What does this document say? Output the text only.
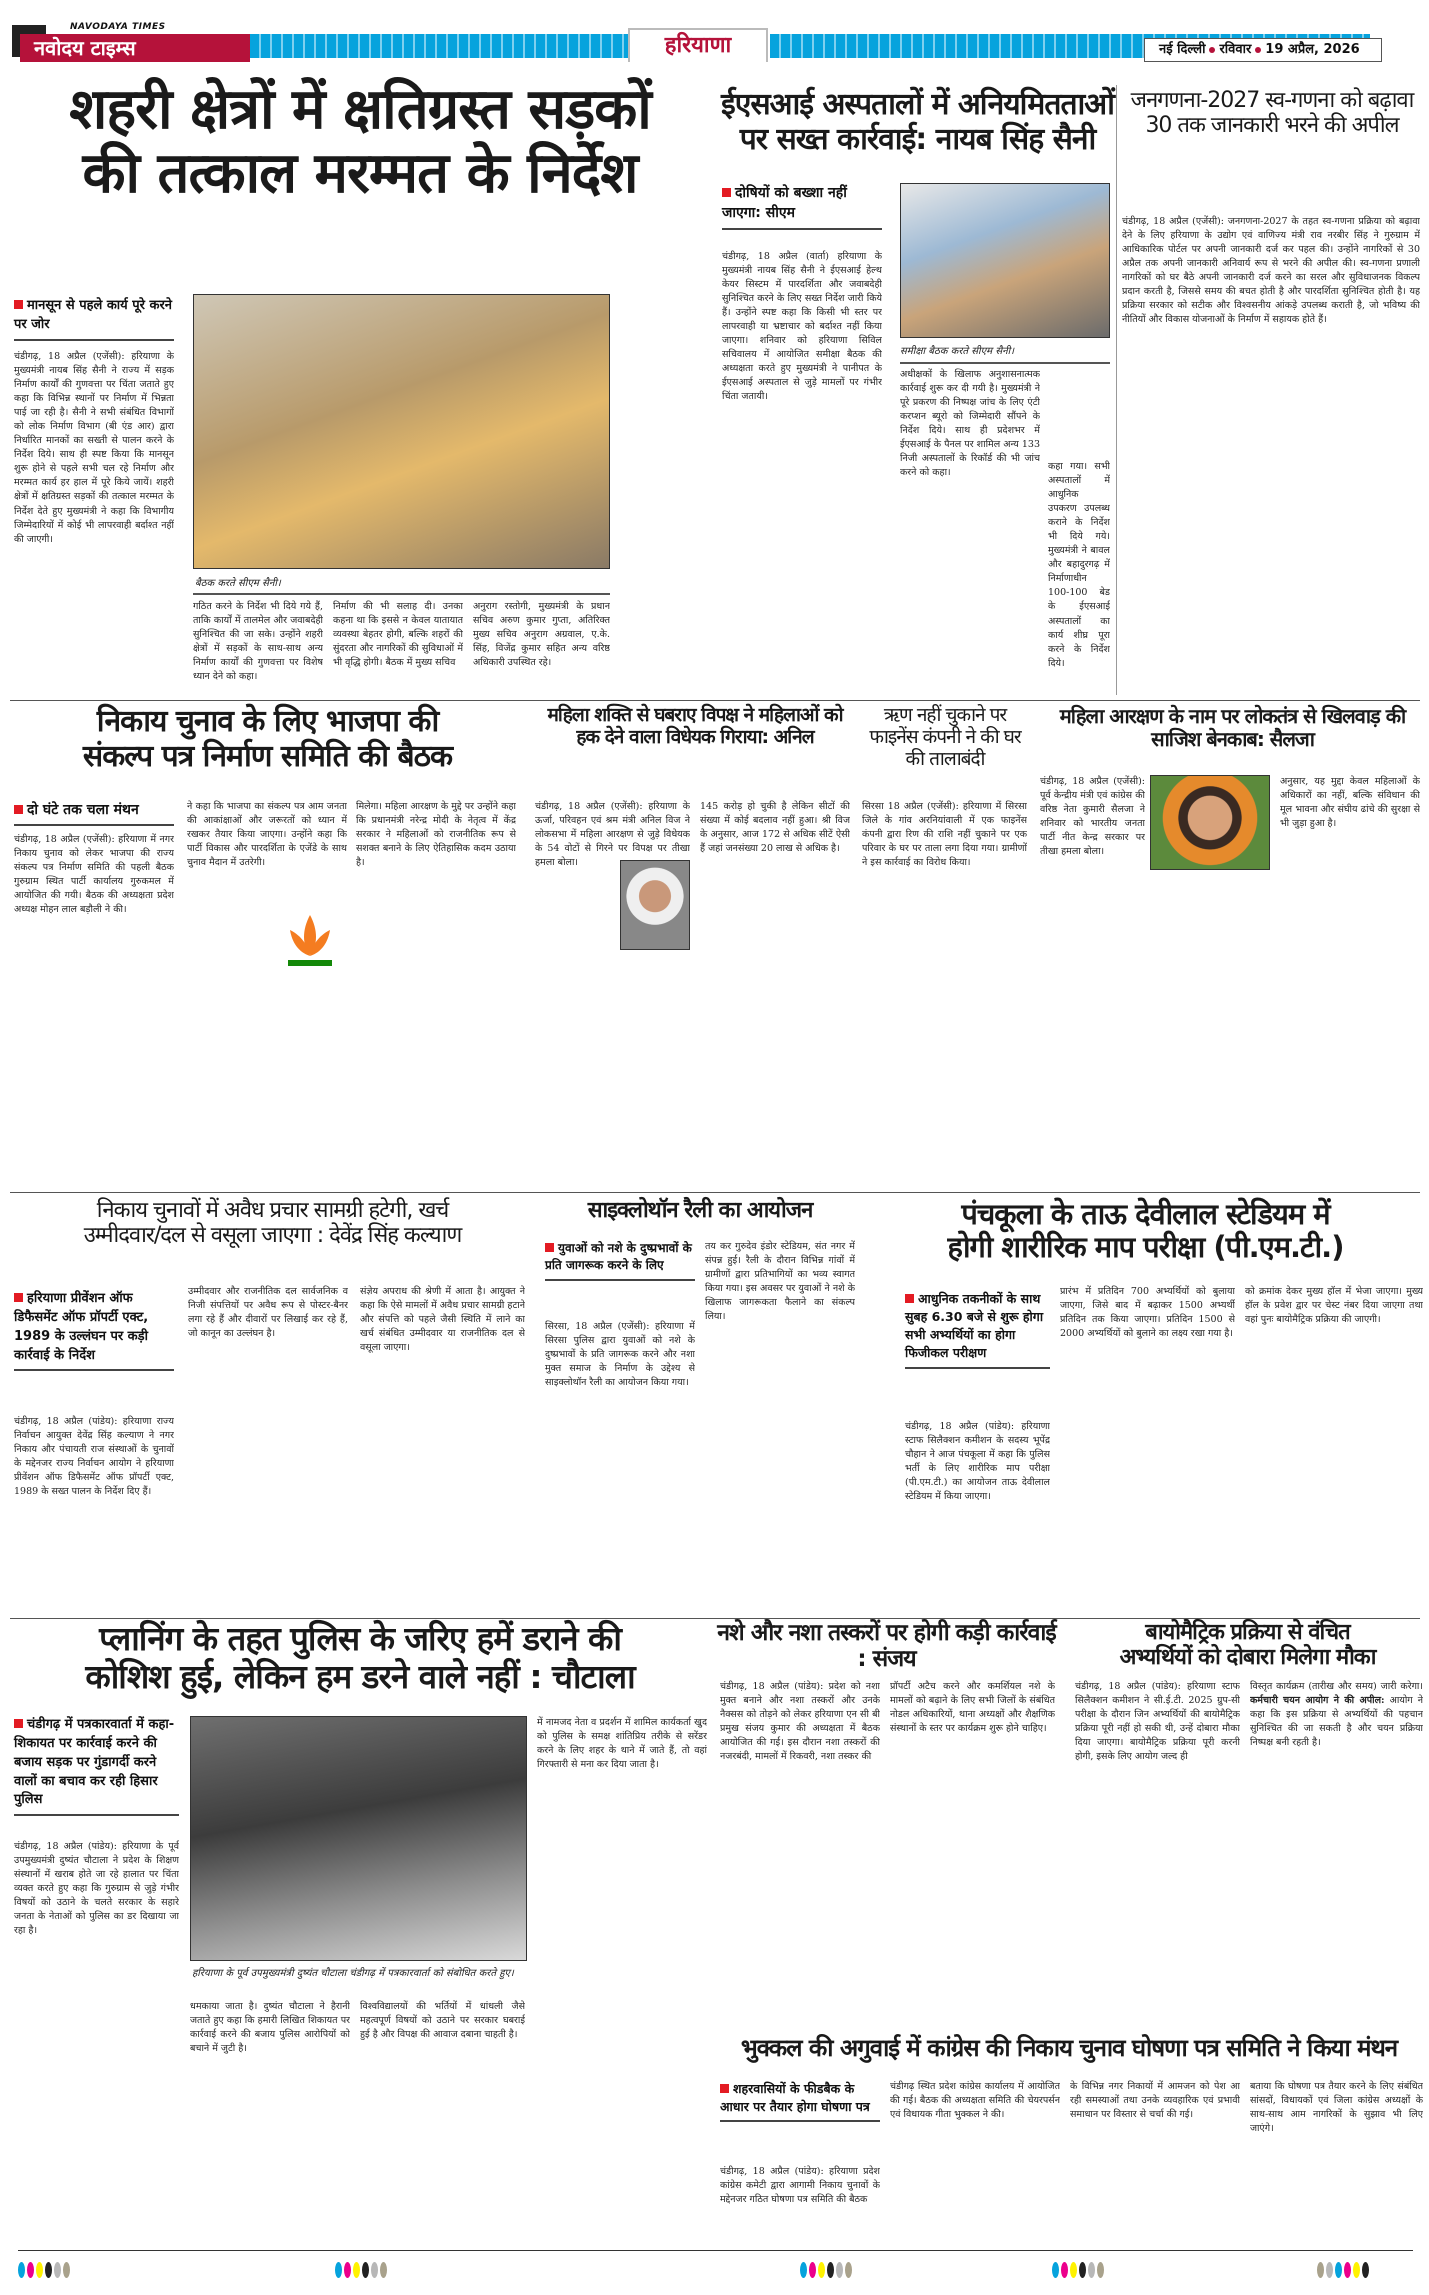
NAVODAYA TIMES
नवोदय टाइम्स	हरियाणा	नई दिल्ली रविवार 19 अप्रैल, 2026
शहरी क्षेत्रों में क्षतिग्रस्त सड़कों
की तत्काल मरम्मत के निर्देश
मानसून से पहले कार्य पूरे करने पर जोर
चंडीगढ़, 18 अप्रैल (एजेंसी): हरियाणा के मुख्यमंत्री नायब सिंह सैनी ने राज्य में सड़क निर्माण कार्यों की गुणवत्ता पर चिंता जताते हुए कहा कि विभिन्न स्थानों पर निर्माण में भिन्नता पाई जा रही है। सैनी ने सभी संबंधित विभागों को लोक निर्माण विभाग (बी एंड आर) द्वारा निर्धारित मानकों का सख्ती से पालन करने के निर्देश दिये। साथ ही स्पष्ट किया कि मानसून शुरू होने से पहले सभी चल रहे निर्माण और मरम्मत कार्य हर हाल में पूरे किये जायें। शहरी क्षेत्रों में क्षतिग्रस्त सड़कों की तत्काल मरम्मत के निर्देश देते हुए मुख्यमंत्री ने कहा कि विभागीय जिम्मेदारियों में कोई भी लापरवाही बर्दाश्त नहीं की जाएगी।
बैठक करते सीएम सैनी।
गठित करने के निर्देश भी दिये गये हैं, ताकि कार्यों में तालमेल और जवाबदेही सुनिश्चित की जा सके। उन्होंने शहरी क्षेत्रों में सड़कों के साथ-साथ अन्य निर्माण कार्यों की गुणवत्ता पर विशेष ध्यान देने को कहा।
निर्माण की भी सलाह दी। उनका कहना था कि इससे न केवल यातायात व्यवस्था बेहतर होगी, बल्कि शहरों की सुंदरता और नागरिकों की सुविधाओं में भी वृद्धि होगी। बैठक में मुख्य सचिव
अनुराग रस्तोगी, मुख्यमंत्री के प्रधान सचिव अरुण कुमार गुप्ता, अतिरिक्त मुख्य सचिव अनुराग अग्रवाल, ए.के. सिंह, विजेंद्र कुमार सहित अन्य वरिष्ठ अधिकारी उपस्थित रहे।
ईएसआई अस्पतालों में अनियमितताओं
पर सख्त कार्रवाई: नायब सिंह सैनी
दोषियों को बख्शा नहीं जाएगा: सीएम
चंडीगढ़, 18 अप्रैल (वार्ता) हरियाणा के मुख्यमंत्री नायब सिंह सैनी ने ईएसआई हेल्थ केयर सिस्टम में पारदर्शिता और जवाबदेही सुनिश्चित करने के लिए सख्त निर्देश जारी किये हैं। उन्होंने स्पष्ट कहा कि किसी भी स्तर पर लापरवाही या भ्रष्टाचार को बर्दाश्त नहीं किया जाएगा। शनिवार को हरियाणा सिविल सचिवालय में आयोजित समीक्षा बैठक की अध्यक्षता करते हुए मुख्यमंत्री ने पानीपत के ईएसआई अस्पताल से जुड़े मामलों पर गंभीर चिंता जतायी।
समीक्षा बैठक करते सीएम सैनी।
अधीक्षकों के खिलाफ अनुशासनात्मक कार्रवाई शुरू कर दी गयी है। मुख्यमंत्री ने पूरे प्रकरण की निष्पक्ष जांच के लिए एंटी करप्शन ब्यूरो को जिम्मेदारी सौंपने के निर्देश दिये। साथ ही प्रदेशभर में ईएसआई के पैनल पर शामिल अन्य 133 निजी अस्पतालों के रिकॉर्ड की भी जांच करने को कहा।
कहा गया। सभी अस्पतालों में आधुनिक उपकरण उपलब्ध कराने के निर्देश भी दिये गये। मुख्यमंत्री ने बावल और बहादुरगढ़ में निर्माणाधीन 100-100 बेड के ईएसआई अस्पतालों का कार्य शीघ्र पूरा करने के निर्देश दिये।
जनगणना-2027 स्व-गणना को बढ़ावा 30 तक जानकारी भरने की अपील
चंडीगढ़, 18 अप्रैल (एजेंसी): जनगणना-2027 के तहत स्व-गणना प्रक्रिया को बढ़ावा देने के लिए हरियाणा के उद्योग एवं वाणिज्य मंत्री राव नरबीर सिंह ने गुरुग्राम में आधिकारिक पोर्टल पर अपनी जानकारी दर्ज कर पहल की। उन्होंने नागरिकों से 30 अप्रैल तक अपनी जानकारी अनिवार्य रूप से भरने की अपील की। स्व-गणना प्रणाली नागरिकों को घर बैठे अपनी जानकारी दर्ज करने का सरल और सुविधाजनक विकल्प प्रदान करती है, जिससे समय की बचत होती है और पारदर्शिता सुनिश्चित होती है। यह प्रक्रिया सरकार को सटीक और विश्वसनीय आंकड़े उपलब्ध कराती है, जो भविष्य की नीतियों और विकास योजनाओं के निर्माण में सहायक होते हैं।
निकाय चुनाव के लिए भाजपा की
संकल्प पत्र निर्माण समिति की बैठक
दो घंटे तक चला मंथन
चंडीगढ़, 18 अप्रैल (एजेंसी): हरियाणा में नगर निकाय चुनाव को लेकर भाजपा की राज्य संकल्प पत्र निर्माण समिति की पहली बैठक गुरुग्राम स्थित पार्टी कार्यालय गुरुकमल में आयोजित की गयी। बैठक की अध्यक्षता प्रदेश अध्यक्ष मोहन लाल बड़ौली ने की।
ने कहा कि भाजपा का संकल्प पत्र आम जनता की आकांक्षाओं और जरूरतों को ध्यान में रखकर तैयार किया जाएगा। उन्होंने कहा कि पार्टी विकास और पारदर्शिता के एजेंडे के साथ चुनाव मैदान में उतरेगी।
मिलेगा। महिला आरक्षण के मुद्दे पर उन्होंने कहा कि प्रधानमंत्री नरेन्द्र मोदी के नेतृत्व में केंद्र सरकार ने महिलाओं को राजनीतिक रूप से सशक्त बनाने के लिए ऐतिहासिक कदम उठाया है।
महिला शक्ति से घबराए विपक्ष ने महिलाओं को हक देने वाला विधेयक गिराया: अनिल
चंडीगढ़, 18 अप्रैल (एजेंसी): हरियाणा के ऊर्जा, परिवहन एवं श्रम मंत्री अनिल विज ने लोकसभा में महिला आरक्षण से जुड़े विधेयक के 54 वोटों से गिरने पर विपक्ष पर तीखा हमला बोला।
145 करोड़ हो चुकी है लेकिन सीटों की संख्या में कोई बदलाव नहीं हुआ। श्री विज के अनुसार, आज 172 से अधिक सीटें ऐसी हैं जहां जनसंख्या 20 लाख से अधिक है।
ऋण नहीं चुकाने पर फाइनेंस कंपनी ने की घर की तालाबंदी
सिरसा 18 अप्रैल (एजेंसी): हरियाणा में सिरसा जिले के गांव अरनियांवाली में एक फाइनेंस कंपनी द्वारा रिण की राशि नहीं चुकाने पर एक परिवार के घर पर ताला लगा दिया गया। ग्रामीणों ने इस कार्रवाई का विरोध किया।
महिला आरक्षण के नाम पर लोकतंत्र से खिलवाड़ की साजिश बेनकाब: सैलजा
चंडीगढ़, 18 अप्रैल (एजेंसी): पूर्व केन्द्रीय मंत्री एवं कांग्रेस की वरिष्ठ नेता कुमारी सैलजा ने शनिवार को भारतीय जनता पार्टी नीत केन्द्र सरकार पर तीखा हमला बोला।
अनुसार, यह मुद्दा केवल महिलाओं के अधिकारों का नहीं, बल्कि संविधान की मूल भावना और संघीय ढांचे की सुरक्षा से भी जुड़ा हुआ है।
निकाय चुनावों में अवैध प्रचार सामग्री हटेगी, खर्च
उम्मीदवार/दल से वसूला जाएगा : देवेंद्र सिंह कल्याण
हरियाणा प्रीवेंशन ऑफ डिफैसमेंट ऑफ प्रॉपर्टी एक्ट, 1989 के उल्लंघन पर कड़ी कार्रवाई के निर्देश
चंडीगढ़, 18 अप्रैल (पांडेय): हरियाणा राज्य निर्वाचन आयुक्त देवेंद्र सिंह कल्याण ने नगर निकाय और पंचायती राज संस्थाओं के चुनावों के मद्देनजर राज्य निर्वाचन आयोग ने हरियाणा प्रीवेंशन ऑफ डिफैसमेंट ऑफ प्रॉपर्टी एक्ट, 1989 के सख्त पालन के निर्देश दिए हैं।
उम्मीदवार और राजनीतिक दल सार्वजनिक व निजी संपत्तियों पर अवैध रूप से पोस्टर-बैनर लगा रहे हैं और दीवारों पर लिखाई कर रहे हैं, जो कानून का उल्लंघन है।
संज्ञेय अपराध की श्रेणी में आता है। आयुक्त ने कहा कि ऐसे मामलों में अवैध प्रचार सामग्री हटाने और संपत्ति को पहले जैसी स्थिति में लाने का खर्च संबंधित उम्मीदवार या राजनीतिक दल से वसूला जाएगा।
साइक्लोथॉन रैली का आयोजन
युवाओं को नशे के दुष्प्रभावों के प्रति जागरूक करने के लिए
सिरसा, 18 अप्रैल (एजेंसी): हरियाणा में सिरसा पुलिस द्वारा युवाओं को नशे के दुष्प्रभावों के प्रति जागरूक करने और नशा मुक्त समाज के निर्माण के उद्देश्य से साइक्लोथॉन रैली का आयोजन किया गया।
तय कर गुरुदेव इंडोर स्टेडियम, संत नगर में संपन्न हुई। रैली के दौरान विभिन्न गांवों में ग्रामीणों द्वारा प्रतिभागियों का भव्य स्वागत किया गया। इस अवसर पर युवाओं ने नशे के खिलाफ जागरूकता फैलाने का संकल्प लिया।
पंचकूला के ताऊ देवीलाल स्टेडियम में
होगी शारीरिक माप परीक्षा (पी.एम.टी.)
आधुनिक तकनीकों के साथ सुबह 6.30 बजे से शुरू होगा सभी अभ्यर्थियों का होगा फिजीकल परीक्षण
चंडीगढ़, 18 अप्रैल (पांडेय): हरियाणा स्टाफ सिलैक्शन कमीशन के सदस्य भूपेंद्र चौहान ने आज पंचकूला में कहा कि पुलिस भर्ती के लिए शारीरिक माप परीक्षा (पी.एम.टी.) का आयोजन ताऊ देवीलाल स्टेडियम में किया जाएगा।
प्रारंभ में प्रतिदिन 700 अभ्यर्थियों को बुलाया जाएगा, जिसे बाद में बढ़ाकर 1500 अभ्यर्थी प्रतिदिन तक किया जाएगा। प्रतिदिन 1500 से 2000 अभ्यर्थियों को बुलाने का लक्ष्य रखा गया है।
को क्रमांक देकर मुख्य हॉल में भेजा जाएगा। मुख्य हॉल के प्रवेश द्वार पर चेस्ट नंबर दिया जाएगा तथा वहां पुनः बायोमैट्रिक प्रक्रिया की जाएगी।
प्लानिंग के तहत पुलिस के जरिए हमें डराने की
कोशिश हुई, लेकिन हम डरने वाले नहीं : चौटाला
चंडीगढ़ में पत्रकारवार्ता में कहा- शिकायत पर कार्रवाई करने की बजाय सड़क पर गुंडागर्दी करने वालों का बचाव कर रही हिसार पुलिस
चंडीगढ़, 18 अप्रैल (पांडेय): हरियाणा के पूर्व उपमुख्यमंत्री दुष्यंत चौटाला ने प्रदेश के शिक्षण संस्थानों में खराब होते जा रहे हालात पर चिंता व्यक्त करते हुए कहा कि गुरुग्राम से जुड़े गंभीर विषयों को उठाने के चलते सरकार के सहारे जनता के नेताओं को पुलिस का डर दिखाया जा रहा है।
हरियाणा के पूर्व उपमुख्यमंत्री दुष्यंत चौटाला चंडीगढ़ में पत्रकारवार्ता को संबोधित करते हुए।
में नामजद नेता व प्रदर्शन में शामिल कार्यकर्ता खुद को पुलिस के समक्ष शांतिप्रिय तरीके से सरेंडर करने के लिए शहर के थाने में जाते हैं, तो वहां गिरफ्तारी से मना कर दिया जाता है।
धमकाया जाता है। दुष्यंत चौटाला ने हैरानी जताते हुए कहा कि हमारी लिखित शिकायत पर कार्रवाई करने की बजाय पुलिस आरोपियों को बचाने में जुटी है।
विश्वविद्यालयों की भर्तियों में धांधली जैसे महत्वपूर्ण विषयों को उठाने पर सरकार घबराई हुई है और विपक्ष की आवाज दबाना चाहती है।
नशे और नशा तस्करों पर होगी कड़ी कार्रवाई : संजय
चंडीगढ़, 18 अप्रैल (पांडेय): प्रदेश को नशा मुक्त बनाने और नशा तस्करों और उनके नैक्सस को तोड़ने को लेकर हरियाणा एन सी बी प्रमुख संजय कुमार की अध्यक्षता में बैठक आयोजित की गई। इस दौरान नशा तस्करों की नजरबंदी, मामलों में रिकवरी, नशा तस्कर की
प्रॉपर्टी अटैच करने और कमर्शियल नशे के मामलों को बढ़ाने के लिए सभी जिलों के संबंधित नोडल अधिकारियों, थाना अध्यक्षों और शैक्षणिक संस्थानों के स्तर पर कार्यक्रम शुरू होने चाहिए।
बायोमैट्रिक प्रक्रिया से वंचित
अभ्यर्थियों को दोबारा मिलेगा मौका
चंडीगढ़, 18 अप्रैल (पांडेय): हरियाणा स्टाफ सिलैक्शन कमीशन ने सी.ई.टी. 2025 ग्रुप-सी परीक्षा के दौरान जिन अभ्यर्थियों की बायोमैट्रिक प्रक्रिया पूरी नहीं हो सकी थी, उन्हें दोबारा मौका दिया जाएगा। बायोमैट्रिक प्रक्रिया पूरी करनी होगी, इसके लिए आयोग जल्द ही
विस्तृत कार्यक्रम (तारीख और समय) जारी करेगा। कर्मचारी चयन आयोग ने की अपील: आयोग ने कहा कि इस प्रक्रिया से अभ्यर्थियों की पहचान सुनिश्चित की जा सकती है और चयन प्रक्रिया निष्पक्ष बनी रहती है।
भुक्कल की अगुवाई में कांग्रेस की निकाय चुनाव घोषणा पत्र समिति ने किया मंथन
शहरवासियों के फीडबैक के आधार पर तैयार होगा घोषणा पत्र
चंडीगढ़, 18 अप्रैल (पांडेय): हरियाणा प्रदेश कांग्रेस कमेटी द्वारा आगामी निकाय चुनावों के मद्देनजर गठित घोषणा पत्र समिति की बैठक
चंडीगढ़ स्थित प्रदेश कांग्रेस कार्यालय में आयोजित की गई। बैठक की अध्यक्षता समिति की चेयरपर्सन एवं विधायक गीता भुक्कल ने की।
के विभिन्न नगर निकायों में आमजन को पेश आ रही समस्याओं तथा उनके व्यवहारिक एवं प्रभावी समाधान पर विस्तार से चर्चा की गई।
बताया कि घोषणा पत्र तैयार करने के लिए संबंधित सांसदों, विधायकों एवं जिला कांग्रेस अध्यक्षों के साथ-साथ आम नागरिकों के सुझाव भी लिए जाएंगे।
